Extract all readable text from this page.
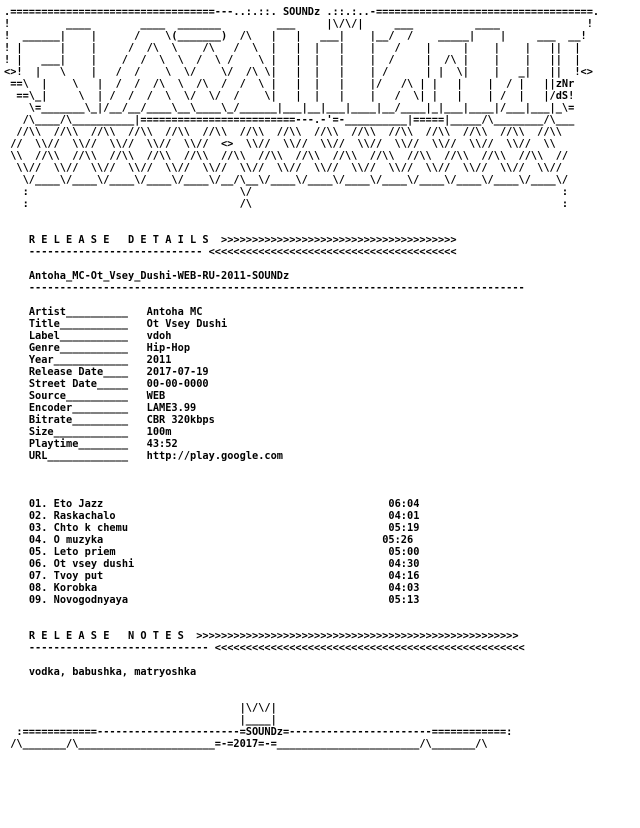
.=================================---..:.::. SOUNDz .::.:..-===================================.
!         ____        ____  _______         ___     |\/\/|     ___          ____              !
!  ______|    |      /    \(_______)  /\   |   |   ___|    |__/  /    _____|    |     ___  __!
! |      |    |     /  /\  \    /\   /  \  |   |  |   |    |   /    |     |    |    |   ||  |
! |   ___|    |    /  /  \  \  /  \ /    \ |   |  |   |    |  /     |  /\ |    |    |   ||  |
<>!  |   \    |   /  /    \  \/    \/  /\ \|   |  |   |    | /      | |  \|    |   _|   ||  !<>
==\  |    \   |  /  /  /\  \  /\  /  /  \ |   |  |   |    |/   /\ | |   |    |  / |   ||zNr
==\_|     \  | /  /  /  \  \/  \/  /    \|   |  |   |    |   /  \| |   |    | /  |   |/dS!
\=_______\_|/__/__/____\__\____\_/______|___|__|___|____|__/____|_|___|____|/___|___|_\=
/\____/\__________|=========================---.-'=-__________|=====|_____/\________/\___
//\\  //\\  //\\  //\\  //\\  //\\  //\\  //\\  //\\  //\\  //\\  //\\  //\\  //\\  //\\
//  \\//  \\//  \\//  \\//  \\//  <>  \\//  \\//  \\//  \\//  \\//  \\//  \\//  \\//  \\
\\  //\\  //\\  //\\  //\\  //\\  //\\  //\\  //\\  //\\  //\\  //\\  //\\  //\\  //\\  //
\\//  \\//  \\//  \\//  \\//  \\//  \\//  \\//  \\//  \\//  \\//  \\//  \\//  \\//  \\//
\/____\/____\/____\/____\/____\/__/\__\/____\/____\/____\/____\/____\/____\/____\/____\/
:                                  \/                                                  :
:                                  /\                                                  :

R E L E A S E   D E T A I L S >>>>>>>>>>>>>>>>>>>>>>>>>>>>>>>>>>>>>>
---------------------------- <<<<<<<<<<<<<<<<<<<<<<<<<<<<<<<<<<<<<<<<

Antoha_MC-Ot_Vsey_Dushi-WEB-RU-2011-SOUNDz
--------------------------------------------------------------------------------

Artist__________ Antoha MC
Title___________ Ot Vsey Dushi
Label___________ vdoh
Genre___________ Hip-Hop
Year____________ 2011
Release Date____ 2017-07-19
Street Date_____ 00-00-0000
Source__________ WEB
Encoder_________ LAME3.99
Bitrate_________ CBR 320kbps
Size____________ 100m
Playtime________ 43:52
URL_____________ http://play.google.com

01. Eto Jazz	06:04
02. Raskachalo	04:01
03. Chto k chemu	05:19
04. O muzyka	05:26
05. Leto priem	05:00
06. Ot vsey dushi	04:30
07. Tvoy put	04:16
08. Korobka	04:03
09. Novogodnyaya	05:13

R E L E A S E   N O T E S >>>>>>>>>>>>>>>>>>>>>>>>>>>>>>>>>>>>>>>>>>>>>>>>>>>>
----------------------------- <<<<<<<<<<<<<<<<<<<<<<<<<<<<<<<<<<<<<<<<<<<<<<<<<<

vodka, babushka, matryoshka

|\/\/|
|____|
:============-----------------------=SOUNDz=-----------------------============:
/\_______/\______________________=-=2017=-=_______________________/\_______/\
